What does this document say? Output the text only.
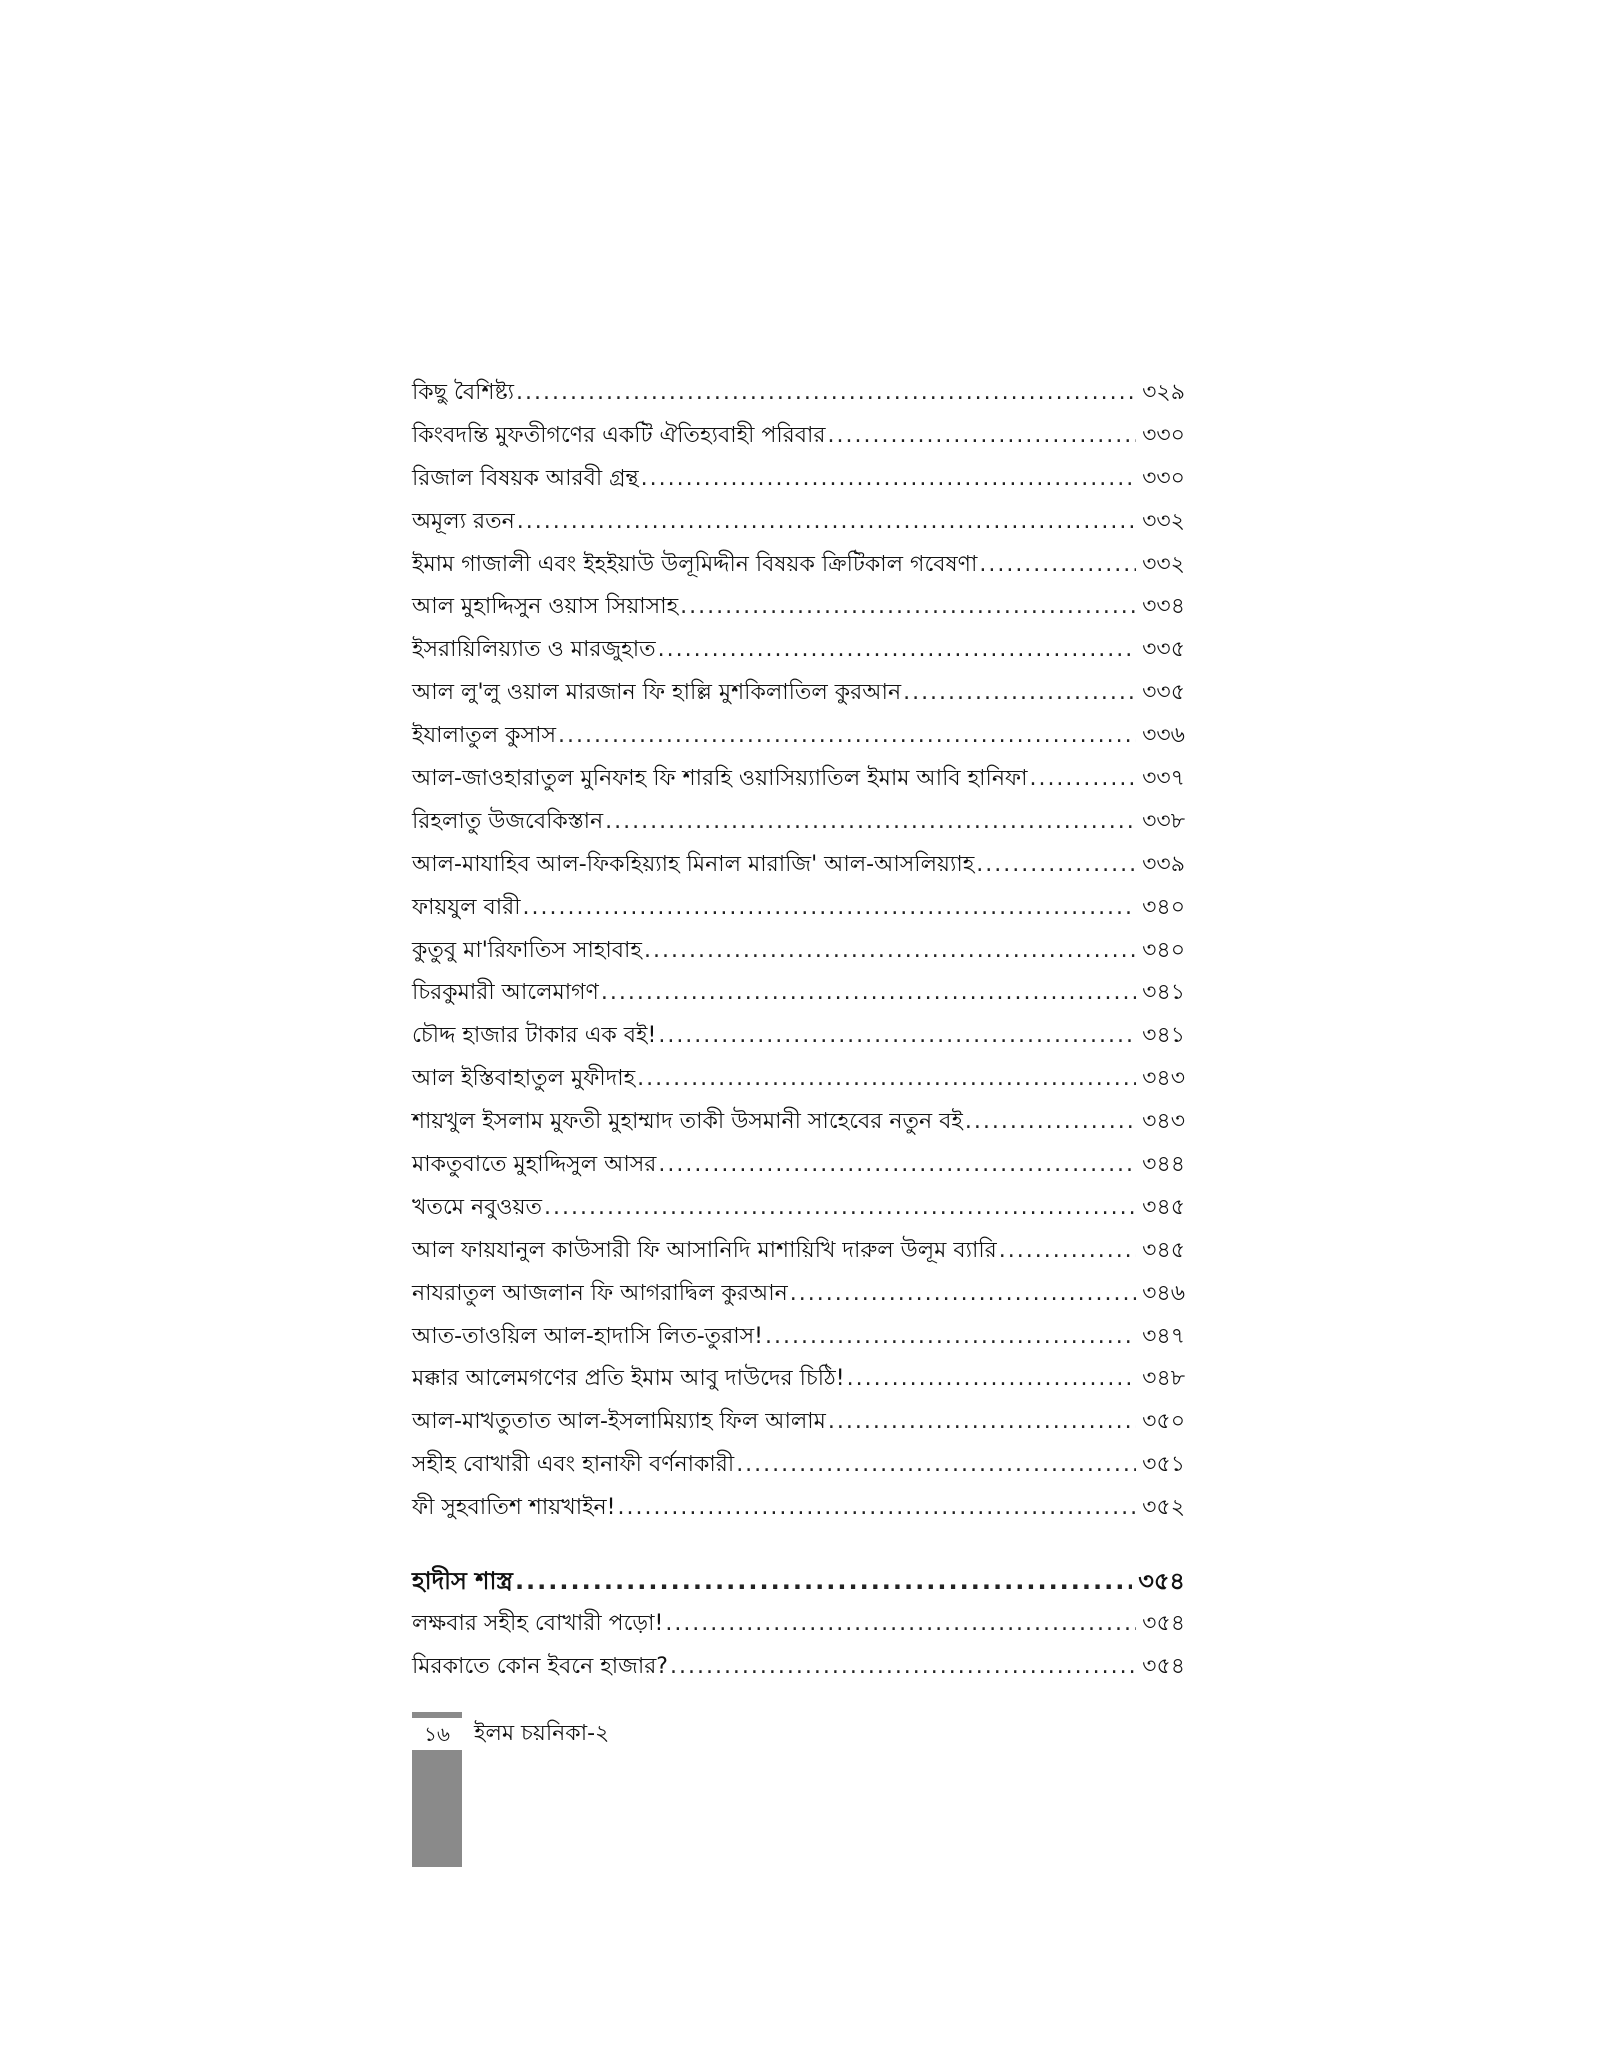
কিছু বৈশিষ্ট্য .....	৩২৯
কিংবদন্তি মুফতীগণের একটি ঐতিহ্যবাহী পরিবার .....	৩৩০
রিজাল বিষয়ক আরবী গ্রন্থ .....	৩৩০
অমূল্য রতন .....	৩৩২
ইমাম গাজালী এবং ইহইয়াউ উলূমিদ্দীন বিষয়ক ক্রিটিকাল গবেষণা .....	৩৩২
আল মুহাদ্দিসুন ওয়াস সিয়াসাহ .....	৩৩৪
ইসরায়িলিয়্যাত ও মারজুহাত .....	৩৩৫
আল লু'লু ওয়াল মারজান ফি হাল্লি মুশকিলাতিল কুরআন .....	৩৩৫
ইযালাতুল কুসাস .....	৩৩৬
আল-জাওহারাতুল মুনিফাহ ফি শারহি ওয়াসিয়্যাতিল ইমাম আবি হানিফা .....	৩৩৭
রিহলাতু উজবেকিস্তান .....	৩৩৮
আল-মাযাহিব আল-ফিকহিয়্যাহ মিনাল মারাজি' আল-আসলিয়্যাহ .....	৩৩৯
ফায়যুল বারী .....	৩৪০
কুতুবু মা'রিফাতিস সাহাবাহ .....	৩৪০
চিরকুমারী আলেমাগণ .....	৩৪১
চৌদ্দ হাজার টাকার এক বই! .....	৩৪১
আল ইস্তিবাহাতুল মুফীদাহ .....	৩৪৩
শায়খুল ইসলাম মুফতী মুহাম্মাদ তাকী উসমানী সাহেবের নতুন বই .....	৩৪৩
মাকতুবাতে মুহাদ্দিসুল আসর .....	৩৪৪
খতমে নবুওয়ত .....	৩৪৫
আল ফায়যানুল কাউসারী ফি আসানিদি মাশায়িখি দারুল উলূম ব্যারি .....	৩৪৫
নাযরাতুল আজলান ফি আগরাদ্বিল কুরআন .....	৩৪৬
আত-তাওয়িল আল-হাদাসি লিত-তুরাস! .....	৩৪৭
মক্কার আলেমগণের প্রতি ইমাম আবু দাউদের চিঠি! .....	৩৪৮
আল-মাখতুতাত আল-ইসলামিয়্যাহ ফিল আলাম .....	৩৫০
সহীহ বোখারী এবং হানাফী বর্ণনাকারী .....	৩৫১
ফী সুহবাতিশ শায়খাইন! .....	৩৫২
হাদীস শাস্ত্র .....	৩৫৪
লক্ষবার সহীহ বোখারী পড়ো! .....	৩৫৪
মিরকাতে কোন ইবনে হাজার? .....	৩৫৪
১৬	ইলম চয়নিকা-২
